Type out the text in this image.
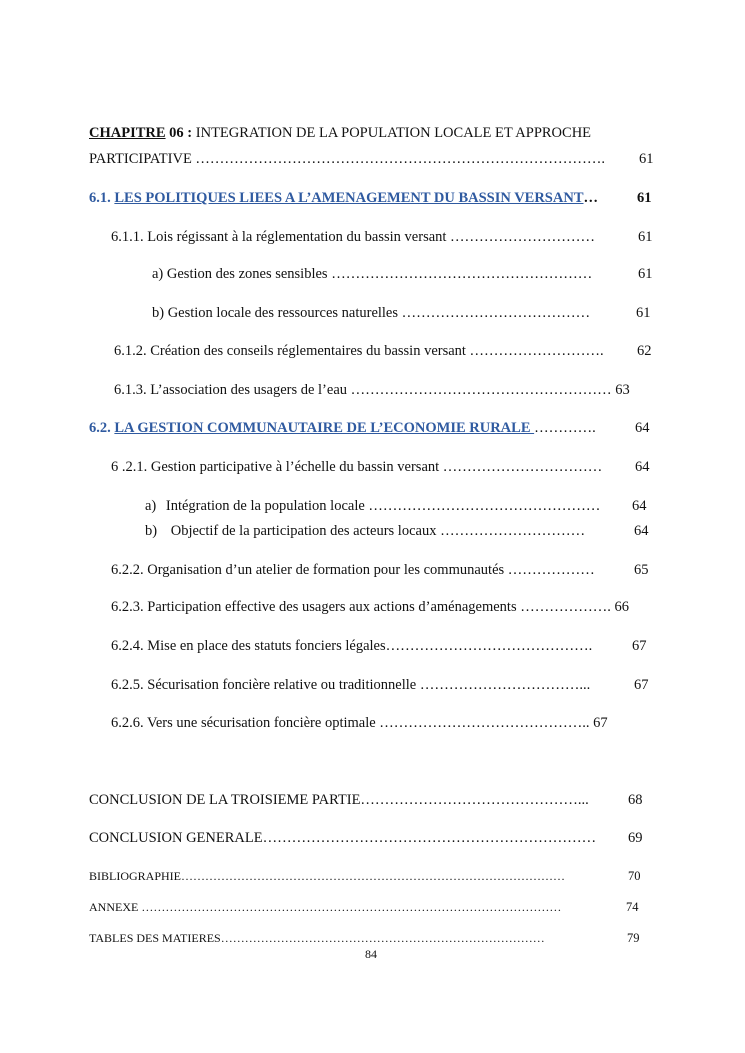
CHAPITRE 06 : INTEGRATION DE LA POPULATION LOCALE ET APPROCHE
PARTICIPATIVE …………………………………………………………………………. 61
6.1. LES POLITIQUES LIEES A L’AMENAGEMENT DU BASSIN VERSANT…	61
6.1.1. Lois régissant à la réglementation du bassin versant …………………………	61
a) Gestion des zones sensibles ………………………………………………	61
b) Gestion locale des ressources naturelles …………………………………	61
6.1.2. Création des conseils réglementaires du bassin versant ………………………. 62
6.1.3. L’association des usagers de l’eau ……………………………………………… 63
6.2. LA GESTION COMMUNAUTAIRE DE L’ECONOMIE RURALE ………….	64
6 .2.1. Gestion participative à l’échelle du bassin versant …………………………… 64
a) Intégration de la population locale ………………………………………… 64
b) Objectif de la participation des acteurs locaux …………………………	64
6.2.2. Organisation d’un atelier de formation pour les communautés ………………	65
6.2.3. Participation effective des usagers aux actions d’aménagements ………………. 66
6.2.4. Mise en place des statuts fonciers légales…………………………………….	67
6.2.5. Sécurisation foncière relative ou traditionnelle ……………………………...	67
6.2.6. Vers une sécurisation foncière optimale …………………………………….. 67
CONCLUSION DE LA TROISIEME PARTIE………………………………………...	68
CONCLUSION GENERALE…………………………………………………………… 69
BIBLIOGRAPHIE……………………………………………………………………………………	70
ANNEXE ……………………………………………………………………………………………	74
TABLES DES MATIERES………………………………………………………………………	79
84
